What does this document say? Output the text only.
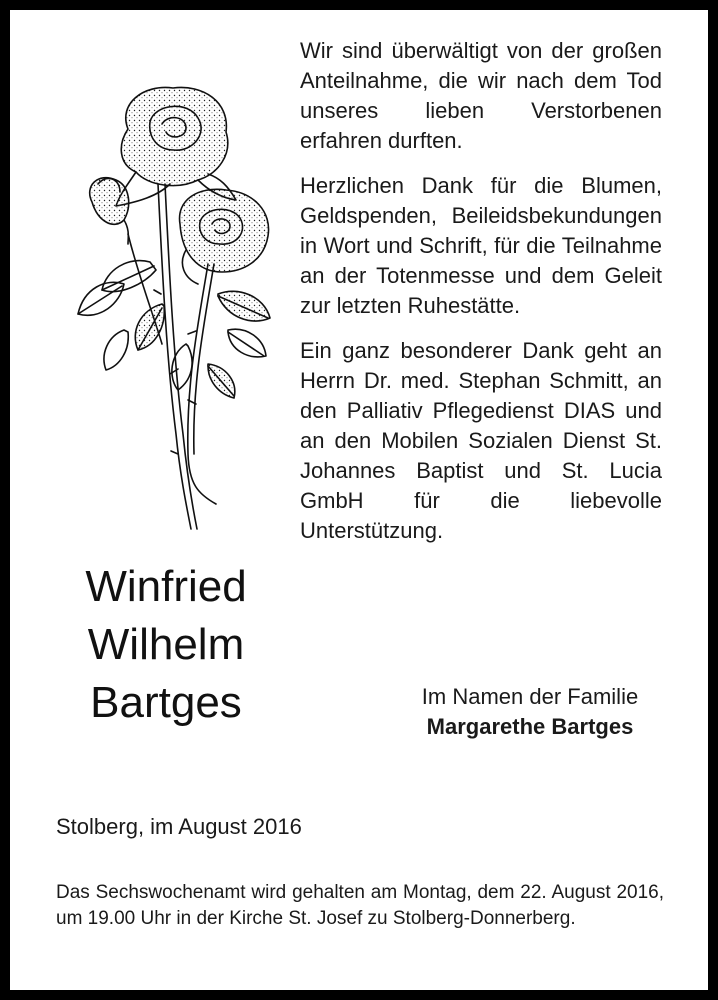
Wir sind überwältigt von der großen Anteilnahme, die wir nach dem Tod unseres lieben Verstorbenen erfahren durften.

Herzlichen Dank für die Blumen, Geldspenden, Beileidsbekundungen in Wort und Schrift, für die Teilnahme an der Totenmesse und dem Geleit zur letzten Ruhestätte.

Ein ganz besonderer Dank geht an Herrn Dr. med. Stephan Schmitt, an den Palliativ Pflegedienst DIAS und an den Mobilen Sozialen Dienst St. Johannes Baptist und St. Lucia GmbH für die liebevolle Unterstützung.

Winfried
Wilhelm
Bartges	Im Namen der Familie
Margarethe Bartges
Stolberg, im August 2016
Das Sechswochenamt wird gehalten am Montag, dem 22. August 2016, um 19.00 Uhr in der Kirche St. Josef zu Stolberg-Donnerberg.
